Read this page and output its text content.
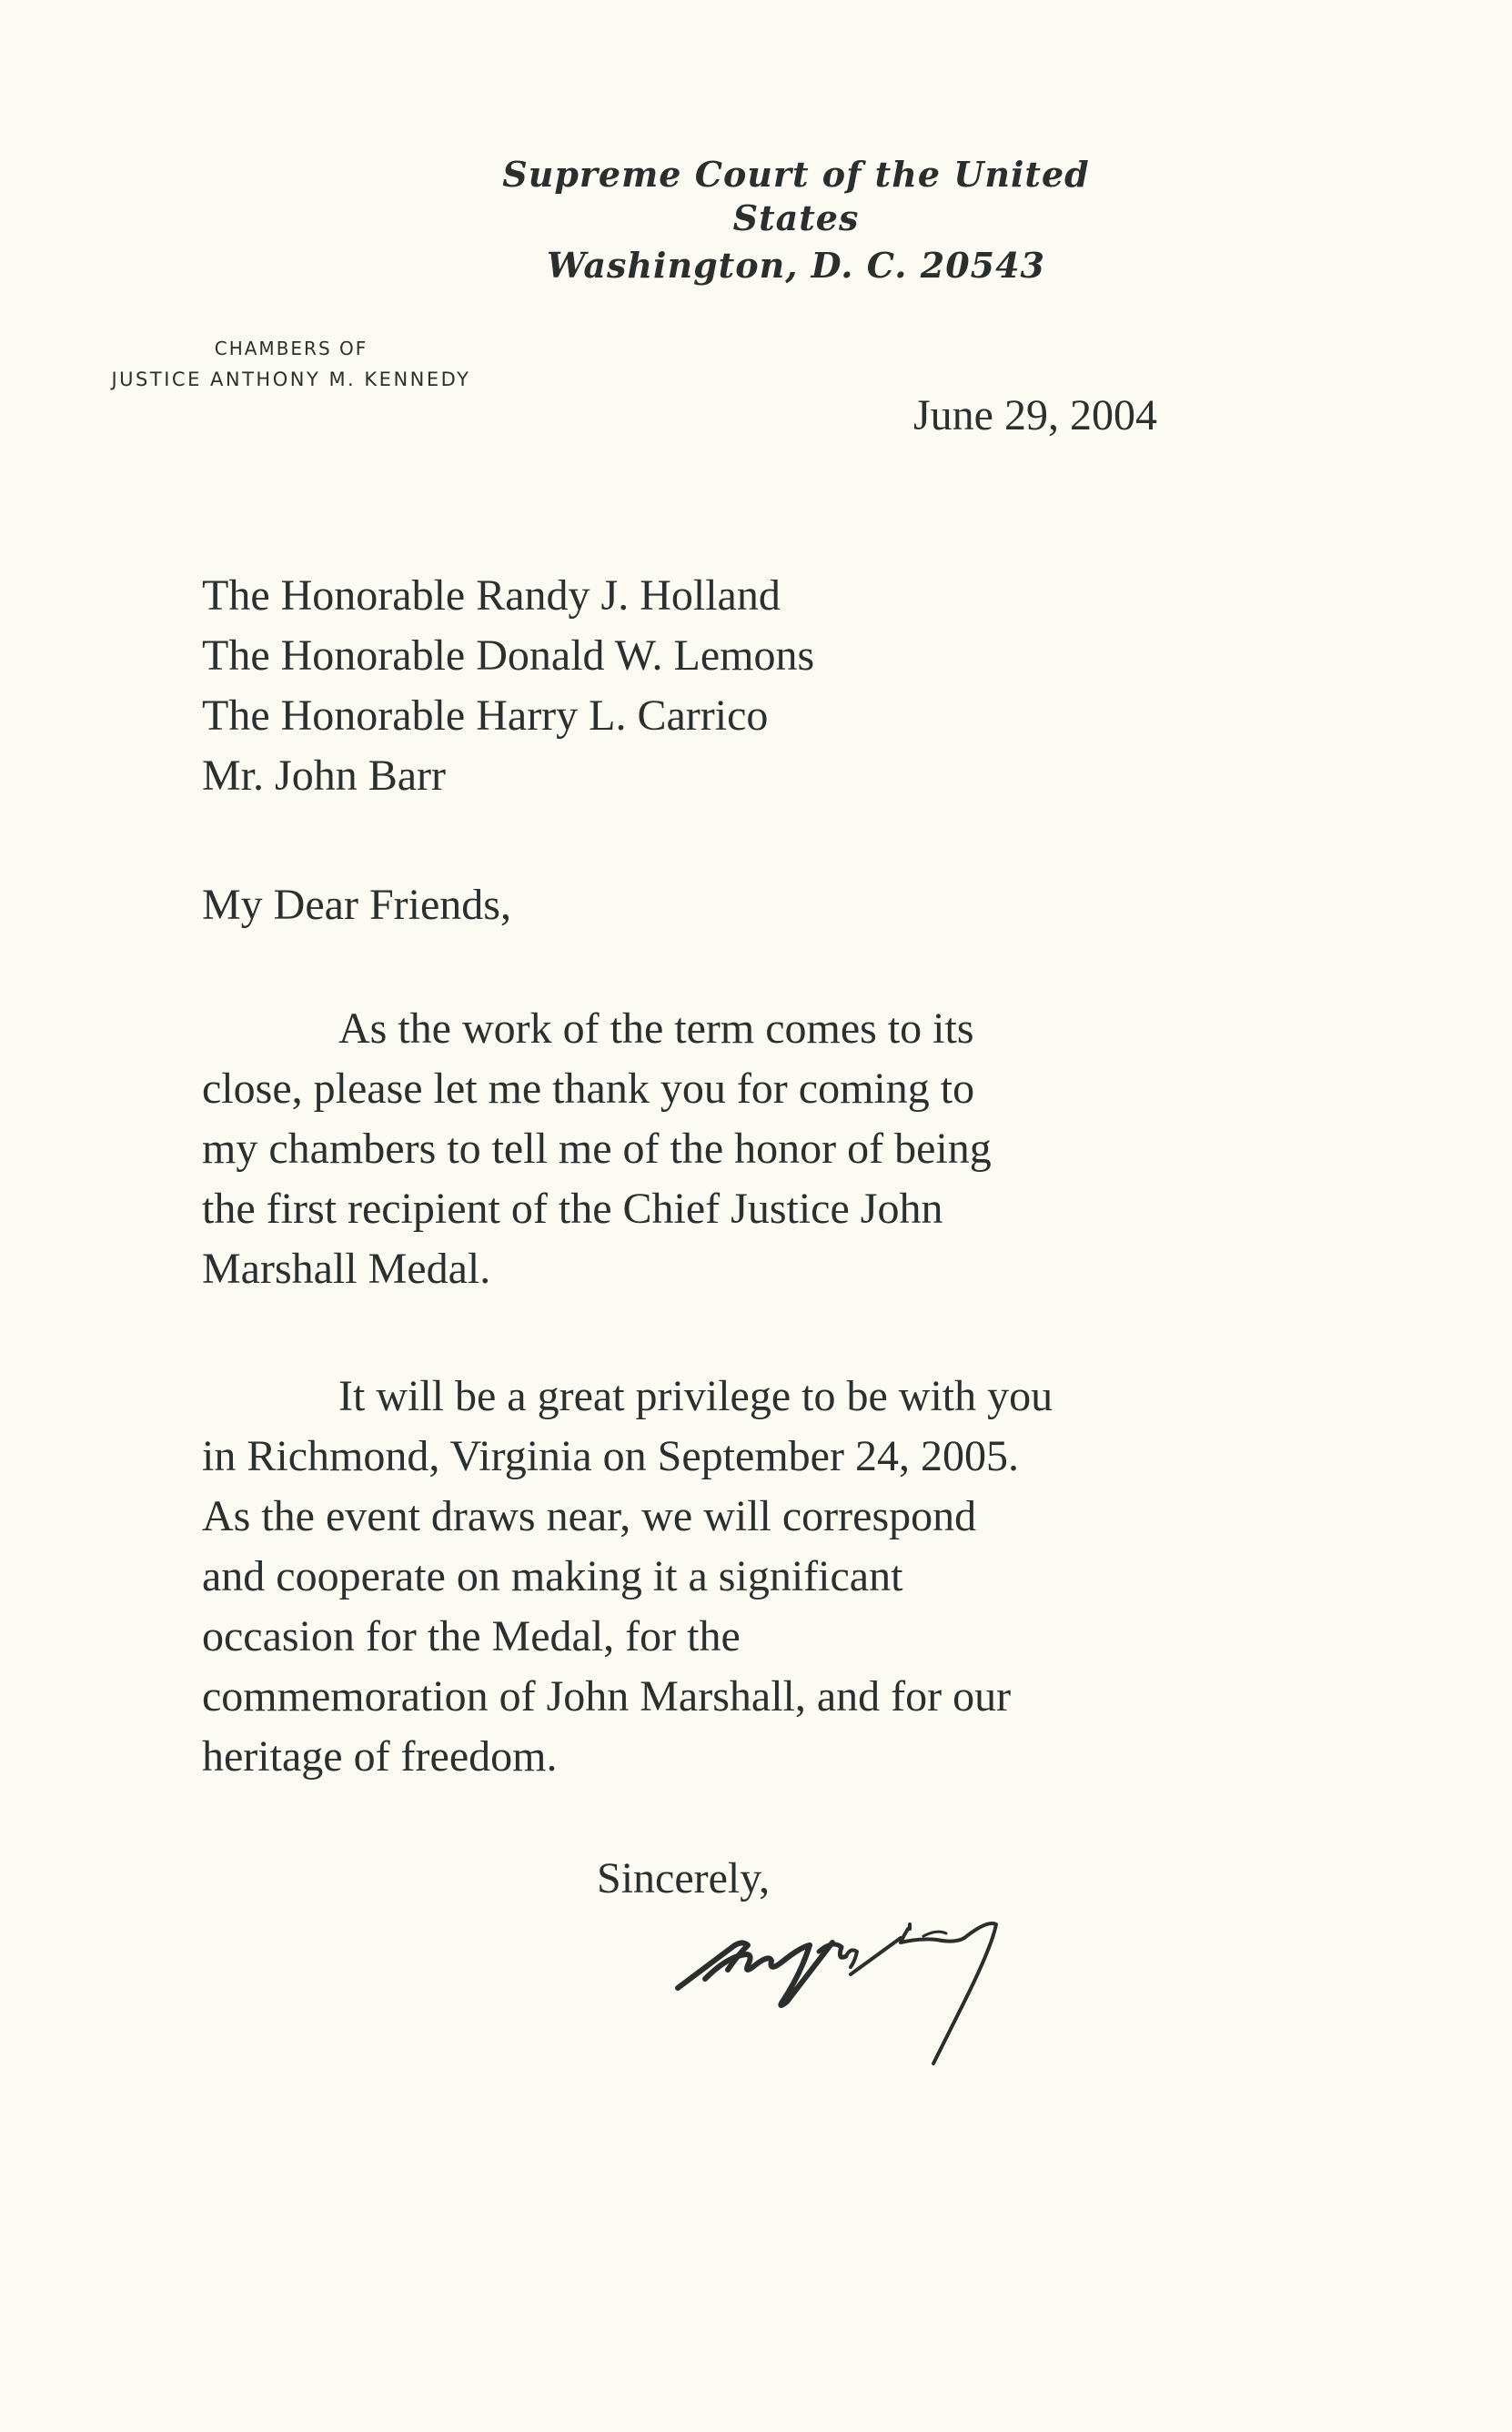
Supreme Court of the United States
Washington, D. C. 20543
CHAMBERS OF
JUSTICE ANTHONY M. KENNEDY
June 29, 2004
The Honorable Randy J. Holland
The Honorable Donald W. Lemons
The Honorable Harry L. Carrico
Mr. John Barr
My Dear Friends,
As the work of the term comes to its
close, please let me thank you for coming to
my chambers to tell me of the honor of being
the first recipient of the Chief Justice John
Marshall Medal.
It will be a great privilege to be with you
in Richmond, Virginia on September 24, 2005.
As the event draws near, we will correspond
and cooperate on making it a significant
occasion for the Medal, for the
commemoration of John Marshall, and for our
heritage of freedom.
Sincerely,
